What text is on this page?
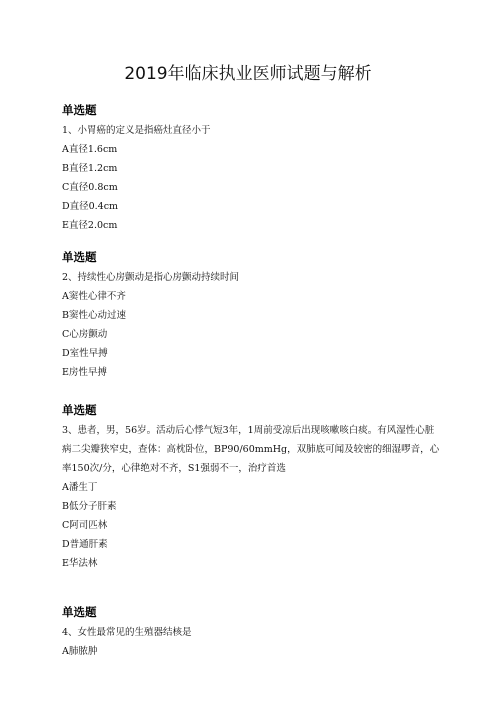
2019年临床执业医师试题与解析
单选题

1、小胃癌的定义是指癌灶直径小于

A直径1.6cm
B直径1.2cm
C直径0.8cm
D直径0.4cm
E直径2.0cm
单选题

2、持续性心房颤动是指心房颤动持续时间

A窦性心律不齐
B窦性心动过速
C心房颤动
D室性早搏
E房性早搏
单选题

3、患者，男，56岁。活动后心悸气短3年，1周前受凉后出现咳嗽咳白痰。有风湿性心脏病二尖瓣狭窄史，查体：高枕卧位，BP90/60mmHg，双肺底可闻及较密的细湿啰音，心率150次/分，心律绝对不齐，S1强弱不一，治疗首选

A潘生丁
B低分子肝素
C阿司匹林
D普通肝素
E华法林
单选题

4、女性最常见的生殖器结核是

A肺脓肿
